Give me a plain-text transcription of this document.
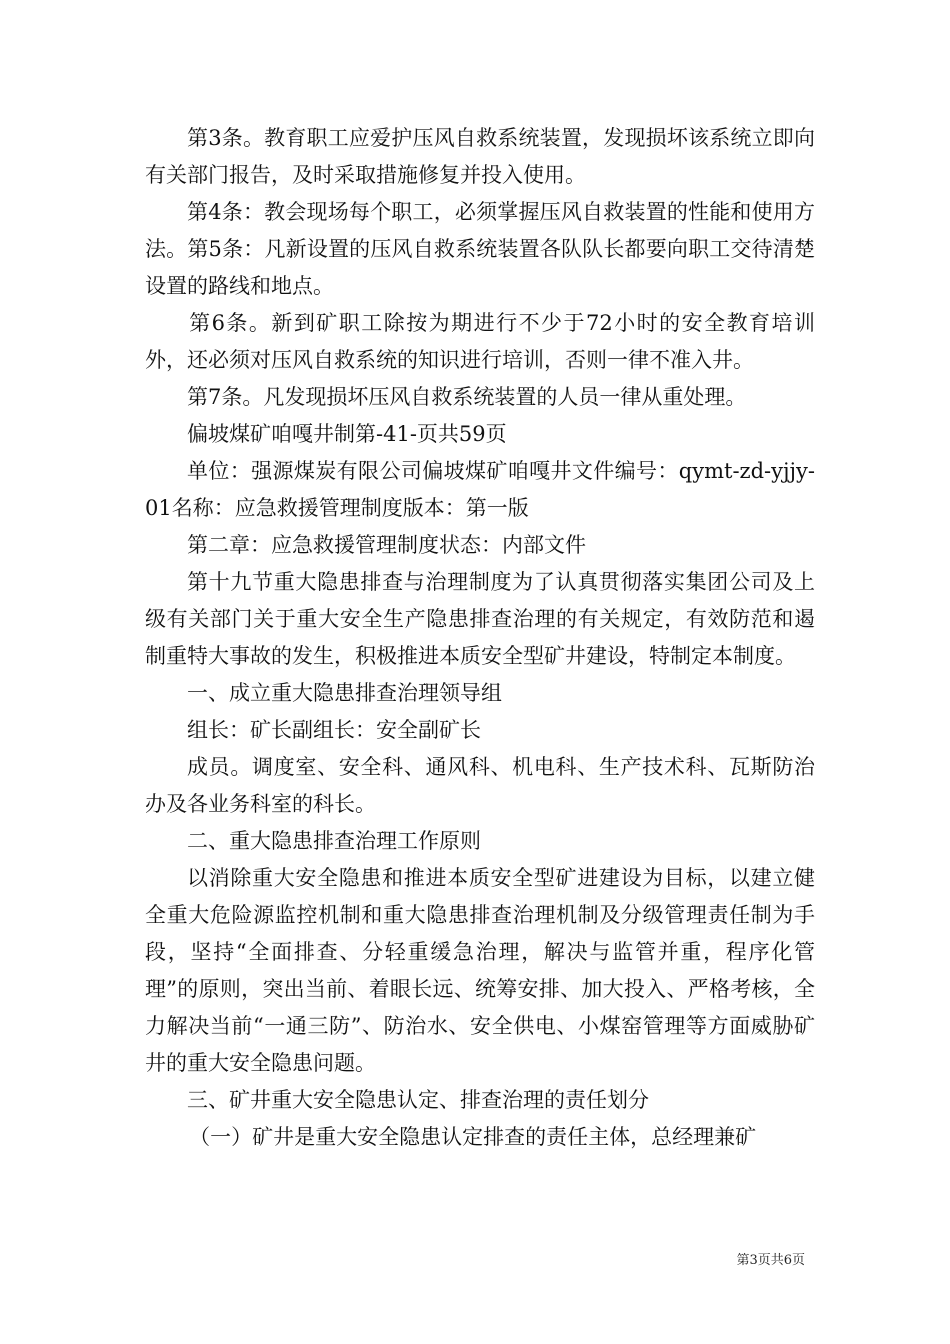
第3条。教育职工应爱护压风自救系统装置，发现损坏该系统立即向有关部门报告，及时采取措施修复并投入使用。

第4条：教会现场每个职工，必须掌握压风自救装置的性能和使用方法。第5条：凡新设置的压风自救系统装置各队队长都要向职工交待清楚设置的路线和地点。

第6条。新到矿职工除按为期进行不少于72小时的安全教育培训外，还必须对压风自救系统的知识进行培训，否则一律不准入井。

第7条。凡发现损坏压风自救系统装置的人员一律从重处理。

偏坡煤矿咱嘎井制第-41-页共59页

单位：强源煤炭有限公司偏坡煤矿咱嘎井文件编号：qymt-zd-yjjy-01名称：应急救援管理制度版本：第一版

第二章：应急救援管理制度状态：内部文件

第十九节重大隐患排查与治理制度为了认真贯彻落实集团公司及上级有关部门关于重大安全生产隐患排查治理的有关规定，有效防范和遏制重特大事故的发生，积极推进本质安全型矿井建设，特制定本制度。

一、成立重大隐患排查治理领导组

组长：矿长副组长：安全副矿长

成员。调度室、安全科、通风科、机电科、生产技术科、瓦斯防治办及各业务科室的科长。

二、重大隐患排查治理工作原则

以消除重大安全隐患和推进本质安全型矿进建设为目标，以建立健全重大危险源监控机制和重大隐患排查治理机制及分级管理责任制为手段，坚持“全面排查、分轻重缓急治理，解决与监管并重，程序化管理”的原则，突出当前、着眼长远、统筹安排、加大投入、严格考核，全力解决当前“一通三防”、防治水、安全供电、小煤窑管理等方面威胁矿井的重大安全隐患问题。

三、矿井重大安全隐患认定、排查治理的责任划分

（一）矿井是重大安全隐患认定排查的责任主体，总经理兼矿

第3页共6页
